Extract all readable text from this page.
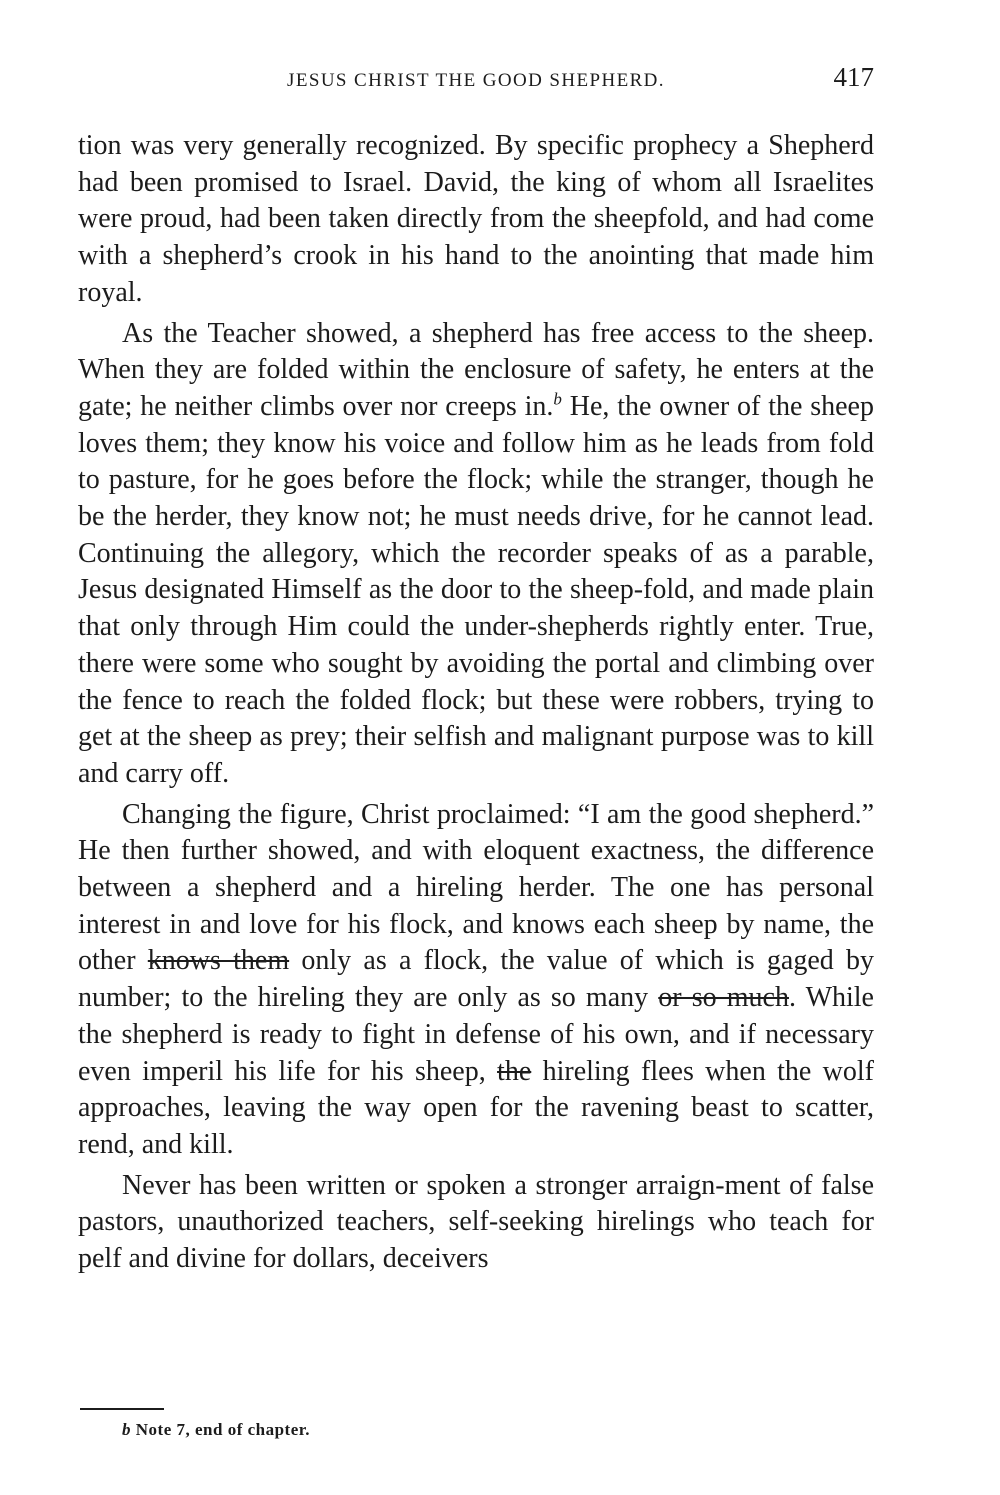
JESUS CHRIST THE GOOD SHEPHERD.	417

tion was very generally recognized. By specific prophecy a Shepherd had been promised to Israel. David, the king of whom all Israelites were proud, had been taken directly from the sheepfold, and had come with a shepherd’s crook in his hand to the anointing that made him royal.

As the Teacher showed, a shepherd has free access to the sheep. When they are folded within the enclosure of safety, he enters at the gate; he neither climbs over nor creeps in.$^b$ He, the owner of the sheep loves them; they know his voice and follow him as he leads from fold to pasture, for he goes before the flock; while the stranger, though he be the herder, they know not; he must needs drive, for he cannot lead. Continuing the allegory, which the recorder speaks of as a parable, Jesus designated Himself as the door to the sheep-fold, and made plain that only through Him could the under-shepherds rightly enter. True, there were some who sought by avoiding the portal and climbing over the fence to reach the folded flock; but these were robbers, trying to get at the sheep as prey; their selfish and malignant purpose was to kill and carry off.

Changing the figure, Christ proclaimed: “I am the good shepherd.” He then further showed, and with eloquent exactness, the difference between a shepherd and a hireling herder. The one has personal interest in and love for his flock, and knows each sheep by name, the other knows them only as a flock, the value of which is gaged by number; to the hireling they are only as so many or so much. While the shepherd is ready to fight in defense of his own, and if necessary even imperil his life for his sheep, the hireling flees when the wolf approaches, leaving the way open for the ravening beast to scatter, rend, and kill.

Never has been written or spoken a stronger arraign-ment of false pastors, unauthorized teachers, self-seeking hirelings who teach for pelf and divine for dollars, deceivers

b Note 7, end of chapter.
